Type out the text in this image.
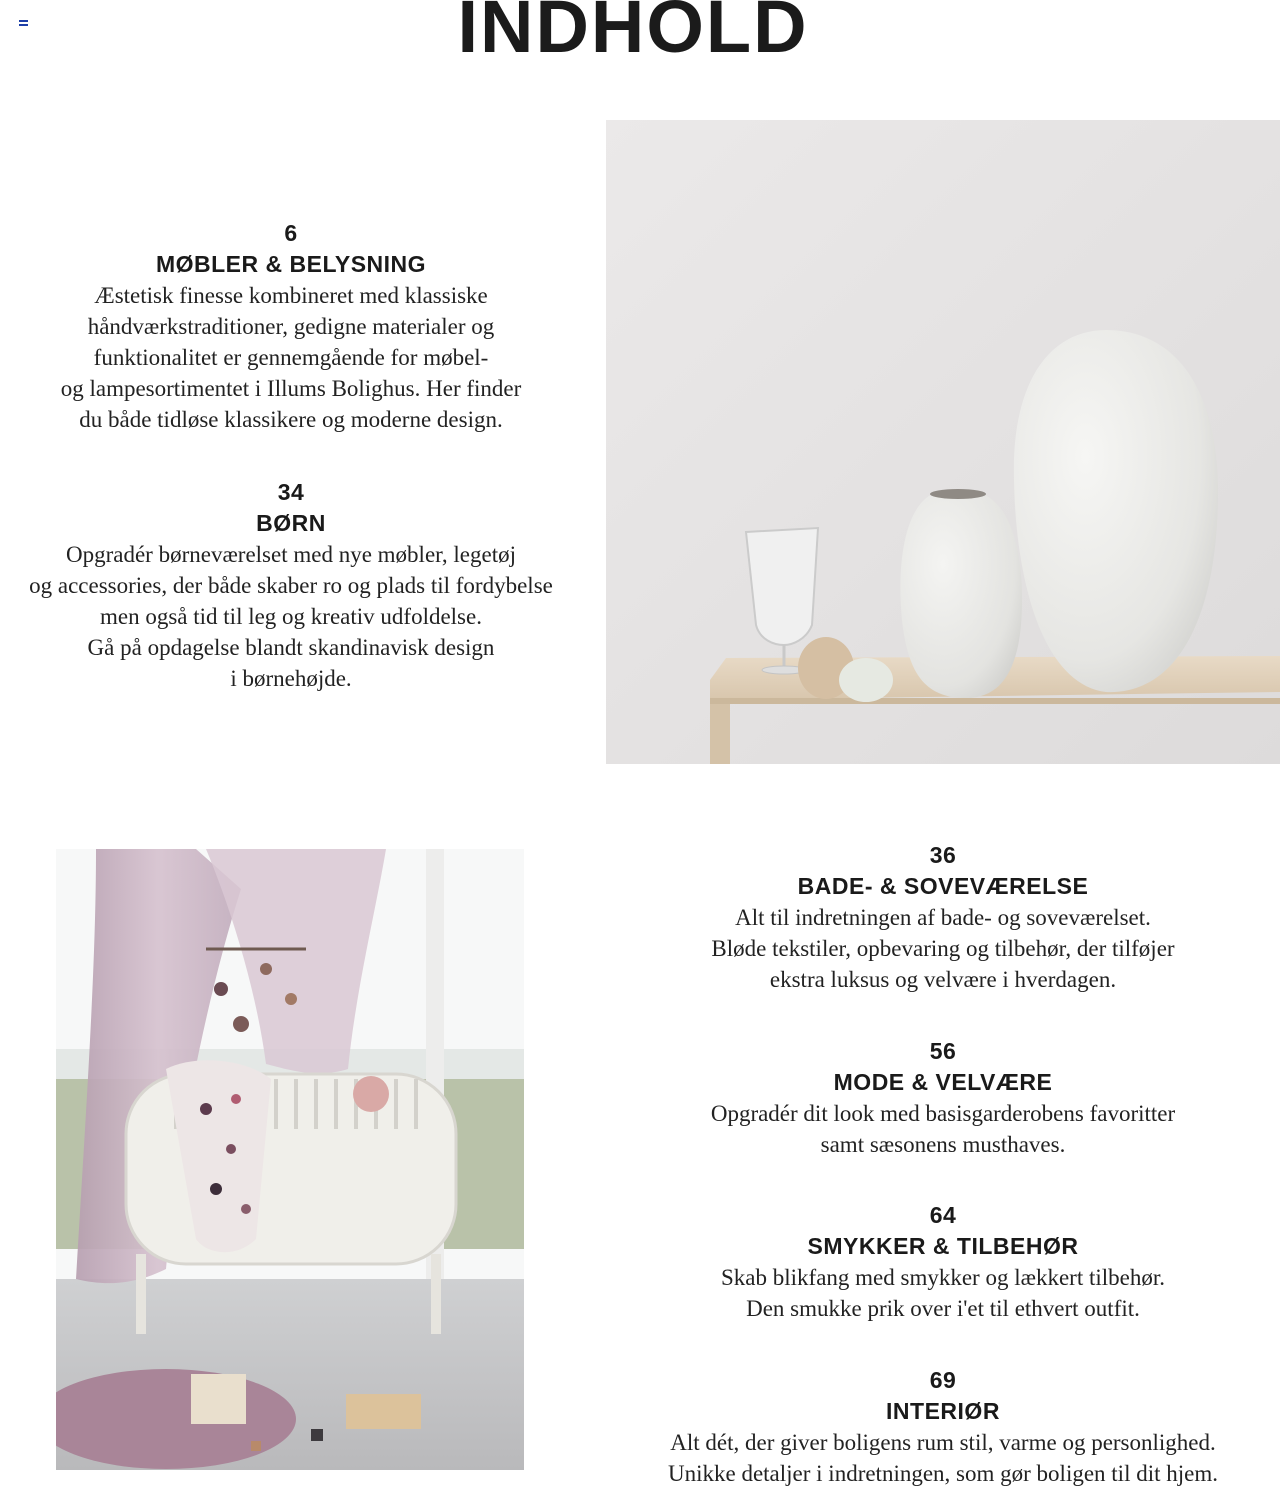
INDHOLD
6
MØBLER & BELYSNING
Æstetisk finesse kombineret med klassiske
håndværkstraditioner, gedigne materialer og
funktionalitet er gennemgående for møbel-
og lampesortimentet i Illums Bolighus. Her finder
du både tidløse klassikere og moderne design.
34
BØRN
Opgradér børneværelset med nye møbler, legetøj
og accessories, der både skaber ro og plads til fordybelse
men også tid til leg og kreativ udfoldelse.
Gå på opdagelse blandt skandinavisk design
i børnehøjde.
36
BADE- & SOVEVÆRELSE
Alt til indretningen af bade- og soveværelset.
Bløde tekstiler, opbevaring og tilbehør, der tilføjer
ekstra luksus og velvære i hverdagen.
56
MODE & VELVÆRE
Opgradér dit look med basisgarderobens favoritter
samt sæsonens musthaves.
64
SMYKKER & TILBEHØR
Skab blikfang med smykker og lækkert tilbehør.
Den smukke prik over i'et til ethvert outfit.
69
INTERIØR
Alt dét, der giver boligens rum stil, varme og personlighed.
Unikke detaljer i indretningen, som gør boligen til dit hjem.
